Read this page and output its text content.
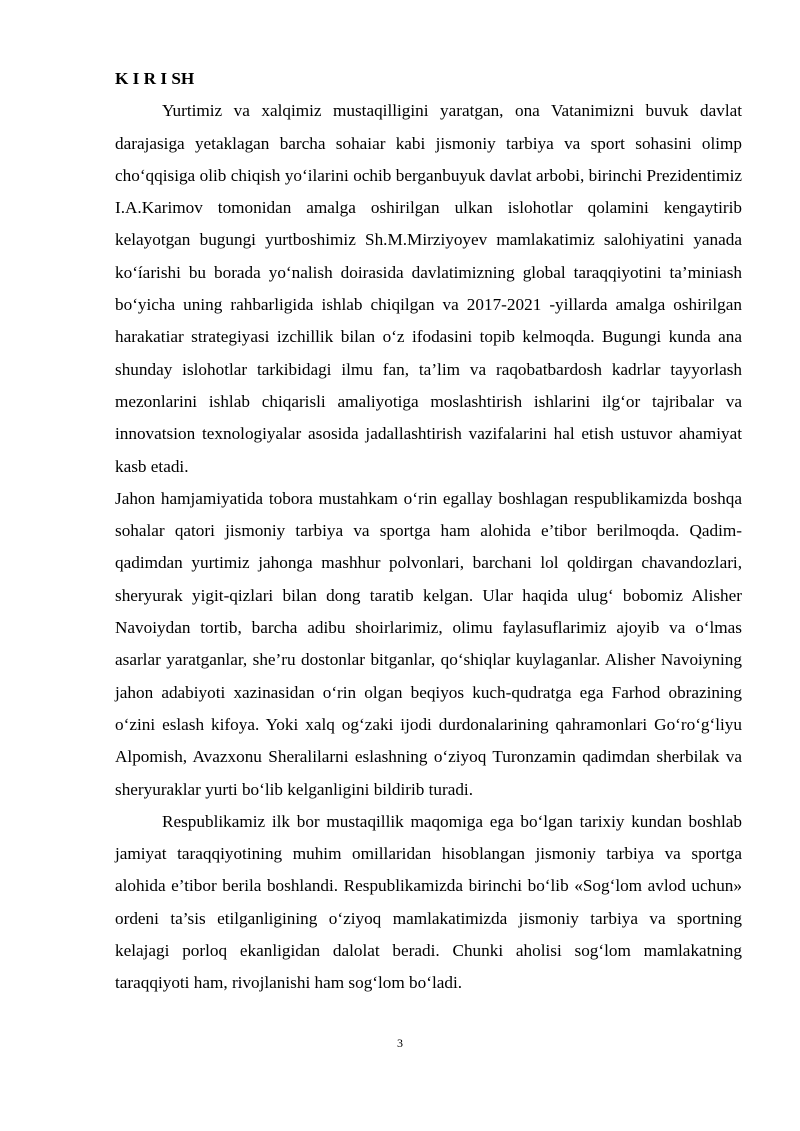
K I R I SH

Yurtimiz va xalqimiz mustaqilligini yaratgan, ona Vatanimizni buvuk davlat darajasiga yetaklagan barcha sohaiar kabi jismoniy tarbiya va sport sohasini olimp cho‘qqisiga olib chiqish yo‘ilarini ochib berganbuyuk davlat arbobi, birinchi Prezidentimiz I.A.Karimov tomonidan amalga oshirilgan ulkan islohotlar qolamini kengaytirib kelayotgan bugungi yurtboshimiz Sh.M.Mirziyoyev mamlakatimiz salohiyatini yanada ko‘íarishi bu borada yo‘nalish doirasida davlatimizning global taraqqiyotini ta’miniash bo‘yicha uning rahbarligida ishlab chiqilgan va 2017-2021 -yillarda amalga oshirilgan harakatiar strategiyasi izchillik bilan o‘z ifodasini topib kelmoqda. Bugungi kunda ana shunday islohotlar tarkibidagi ilmu fan, ta’lim va raqobatbardosh kadrlar tayyorlash mezonlarini ishlab chiqarisli amaliyotiga moslashtirish ishlarini ilg‘or tajribalar va innovatsion texnologiyalar asosida jadallashtirish vazifalarini hal etish ustuvor ahamiyat kasb etadi.

Jahon hamjamiyatida tobora mustahkam o‘rin egallay boshlagan respublikamizda boshqa sohalar qatori jismoniy tarbiya va sportga ham alohida e’tibor berilmoqda. Qadim-qadimdan yurtimiz jahonga mashhur polvonlari, barchani lol qoldirgan chavandozlari, sheryurak yigit-qizlari bilan dong taratib kelgan. Ular haqida ulug‘ bobomiz Alisher Navoiydan tortib, barcha adibu shoirlarimiz, olimu faylasuflarimiz ajoyib va o‘lmas asarlar yaratganlar, she’ru dostonlar bitganlar, qo‘shiqlar kuylaganlar. Alisher Navoiyning jahon adabiyoti xazinasidan o‘rin olgan beqiyos kuch-qudratga ega Farhod obrazining o‘zini eslash kifoya. Yoki xalq og‘zaki ijodi durdonalarining qahramonlari Go‘ro‘g‘liyu Alpomish, Avazxonu Sheralilarni eslashning o‘ziyoq Turonzamin qadimdan sherbilak va sheryuraklar yurti bo‘lib kelganligini bildirib turadi.

Respublikamiz ilk bor mustaqillik maqomiga ega bo‘lgan tarixiy kundan boshlab jamiyat taraqqiyotining muhim omillaridan hisoblangan jismoniy tarbiya va sportga alohida e’tibor berila boshlandi. Respublikamizda birinchi bo‘lib «Sog‘lom avlod uchun» ordeni ta’sis etilganligining o‘ziyoq mamlakatimizda jismoniy tarbiya va sportning kelajagi porloq ekanligidan dalolat beradi. Chunki aholisi sog‘lom mamlakatning taraqqiyoti ham, rivojlanishi ham sog‘lom bo‘ladi.

3
